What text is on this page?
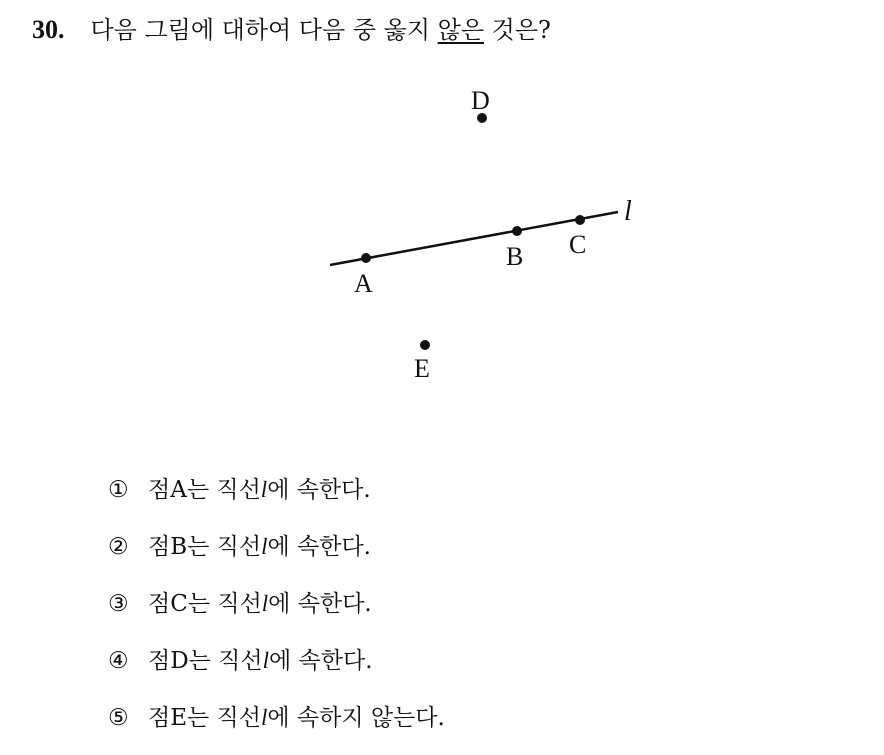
30. 다음 그림에 대하여 다음 중 옳지 않은 것은?
l
A
B C
D
E
① 점A는 직선l에 속한다.
② 점B는 직선l에 속한다.
③ 점C는 직선l에 속한다.
④ 점D는 직선l에 속한다.
⑤ 점E는 직선l에 속하지 않는다.
